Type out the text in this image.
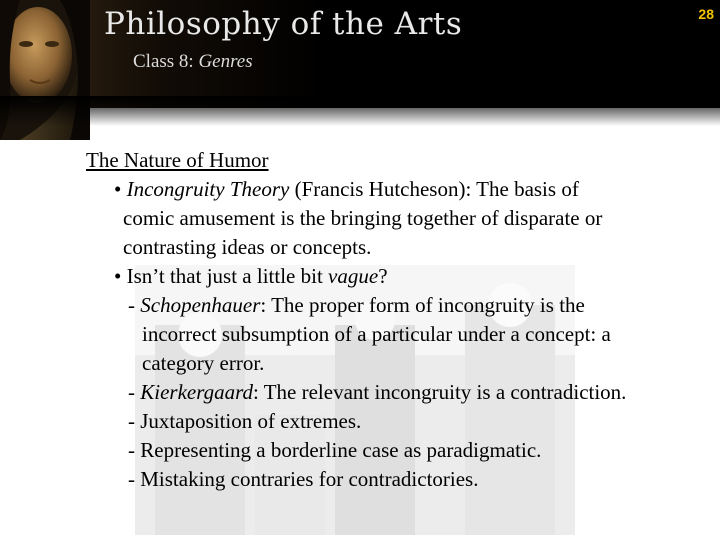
Philosophy of the Arts	28
Class 8: Genres
The Nature of Humor
• Incongruity Theory (Francis Hutcheson): The basis of
comic amusement is the bringing together of disparate or
contrasting ideas or concepts.
• Isn’t that just a little bit vague?
- Schopenhauer: The proper form of incongruity is the
incorrect subsumption of a particular under a concept: a
category error.
- Kierkergaard: The relevant incongruity is a contradiction.
- Juxtaposition of extremes.
- Representing a borderline case as paradigmatic.
- Mistaking contraries for contradictories.
